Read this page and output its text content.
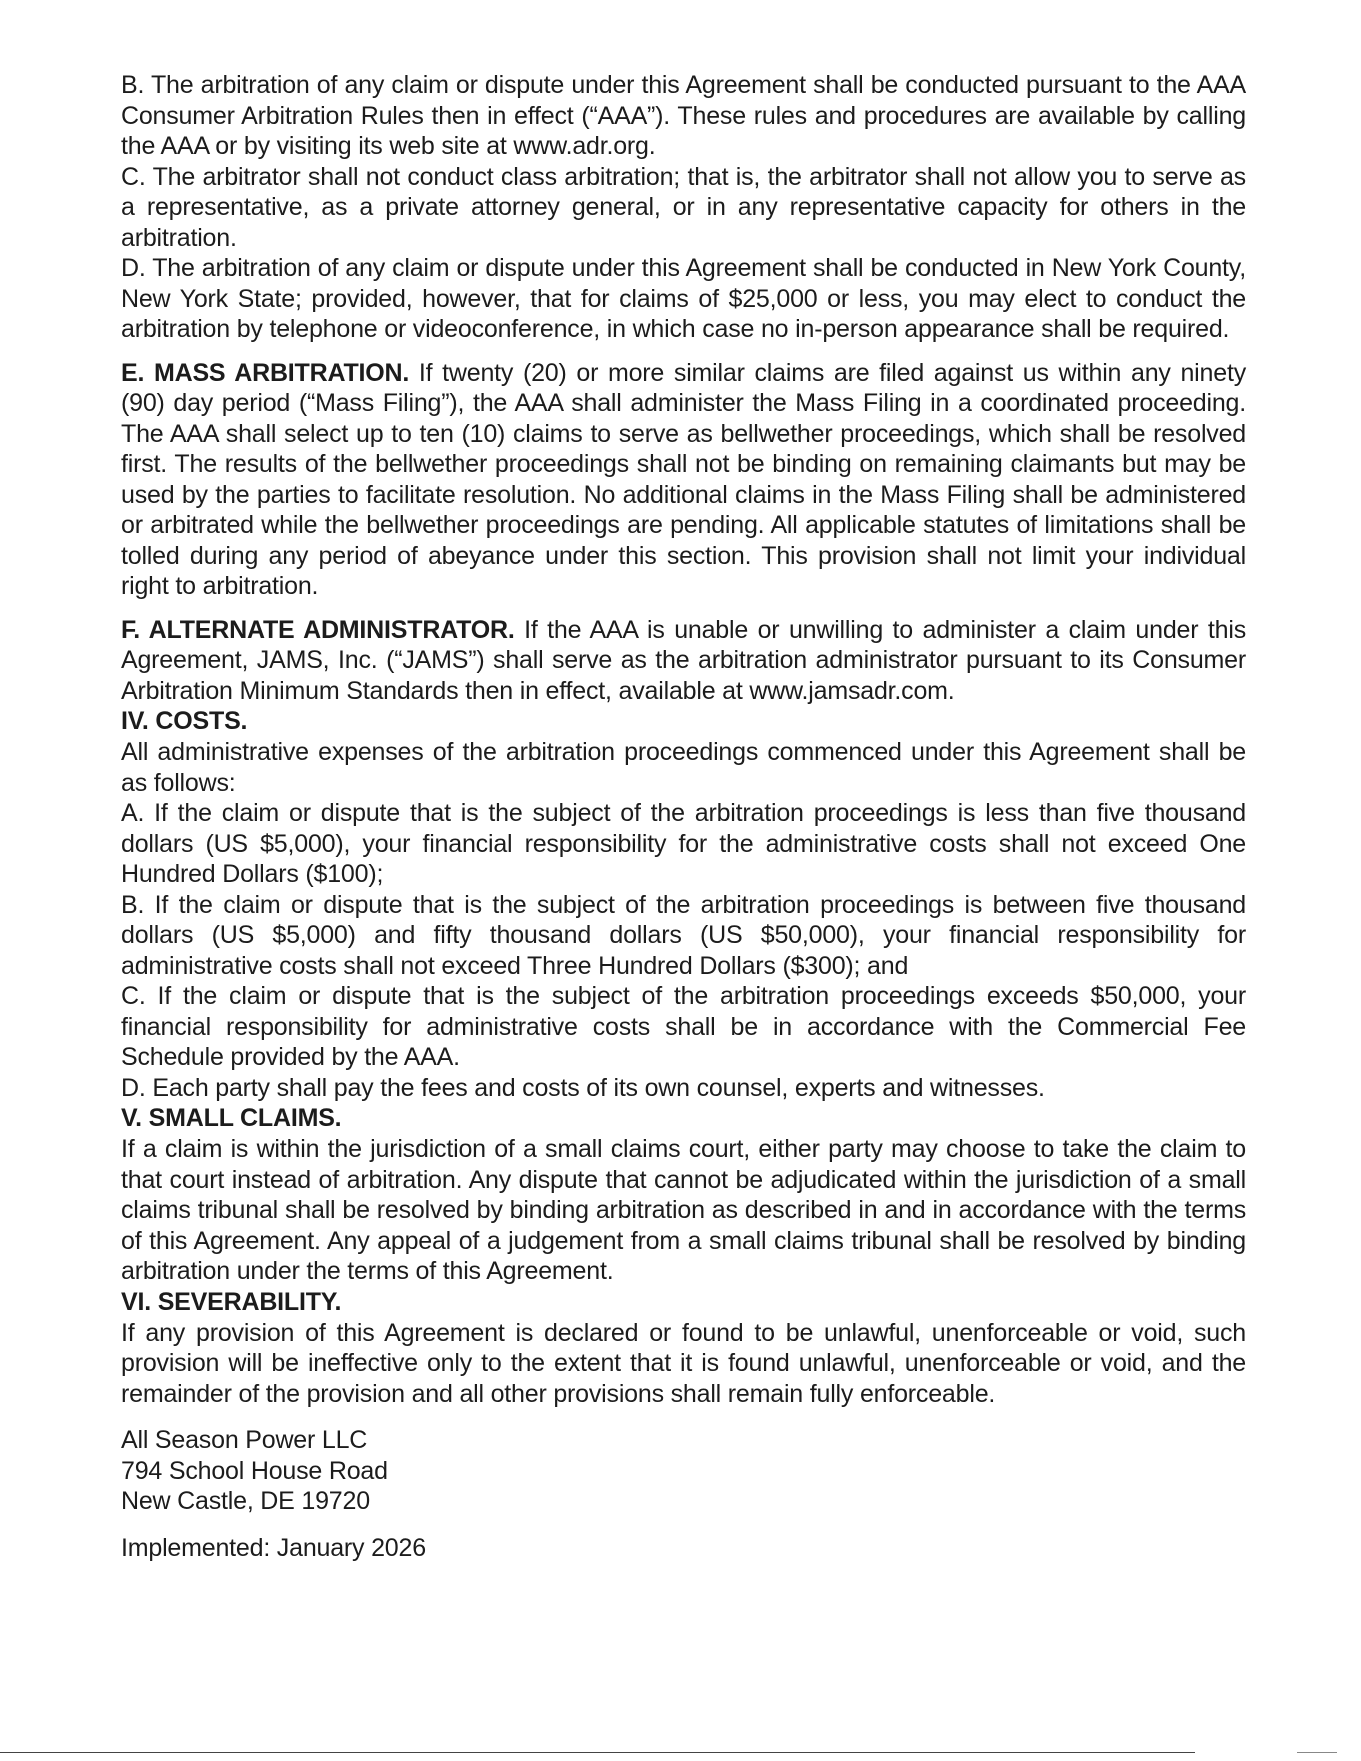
B. The arbitration of any claim or dispute under this Agreement shall be conducted pursuant to the AAA Consumer Arbitration Rules then in effect (“AAA”). These rules and procedures are available by calling the AAA or by visiting its web site at www.adr.org.

C. The arbitrator shall not conduct class arbitration; that is, the arbitrator shall not allow you to serve as a representative, as a private attorney general, or in any representative capacity for others in the arbitration.

D. The arbitration of any claim or dispute under this Agreement shall be conducted in New York County, New York State; provided, however, that for claims of $25,000 or less, you may elect to conduct the arbitration by telephone or videoconference, in which case no in-person appearance shall be required.

E. MASS ARBITRATION. If twenty (20) or more similar claims are filed against us within any ninety (90) day period (“Mass Filing”), the AAA shall administer the Mass Filing in a coordinated proceeding. The AAA shall select up to ten (10) claims to serve as bellwether proceedings, which shall be resolved first. The results of the bellwether proceedings shall not be binding on remaining claimants but may be used by the parties to facilitate resolution. No additional claims in the Mass Filing shall be administered or arbitrated while the bellwether proceedings are pending. All applicable statutes of limitations shall be tolled during any period of abeyance under this section. This provision shall not limit your individual right to arbitration.

F. ALTERNATE ADMINISTRATOR. If the AAA is unable or unwilling to administer a claim under this Agreement, JAMS, Inc. (“JAMS”) shall serve as the arbitration administrator pursuant to its Consumer Arbitration Minimum Standards then in effect, available at www.jamsadr.com.

IV. COSTS.

All administrative expenses of the arbitration proceedings commenced under this Agreement shall be as follows:

A. If the claim or dispute that is the subject of the arbitration proceedings is less than five thousand dollars (US $5,000), your financial responsibility for the administrative costs shall not exceed One Hundred Dollars ($100);

B. If the claim or dispute that is the subject of the arbitration proceedings is between five thousand dollars (US $5,000) and fifty thousand dollars (US $50,000), your financial responsibility for administrative costs shall not exceed Three Hundred Dollars ($300); and

C. If the claim or dispute that is the subject of the arbitration proceedings exceeds $50,000, your financial responsibility for administrative costs shall be in accordance with the Commercial Fee Schedule provided by the AAA.

D. Each party shall pay the fees and costs of its own counsel, experts and witnesses.

V. SMALL CLAIMS.

If a claim is within the jurisdiction of a small claims court, either party may choose to take the claim to that court instead of arbitration. Any dispute that cannot be adjudicated within the jurisdiction of a small claims tribunal shall be resolved by binding arbitration as described in and in accordance with the terms of this Agreement. Any appeal of a judgement from a small claims tribunal shall be resolved by binding arbitration under the terms of this Agreement.

VI. SEVERABILITY.

If any provision of this Agreement is declared or found to be unlawful, unenforceable or void, such provision will be ineffective only to the extent that it is found unlawful, unenforceable or void, and the remainder of the provision and all other provisions shall remain fully enforceable.

All Season Power LLC

794 School House Road

New Castle, DE 19720

Implemented: January 2026
